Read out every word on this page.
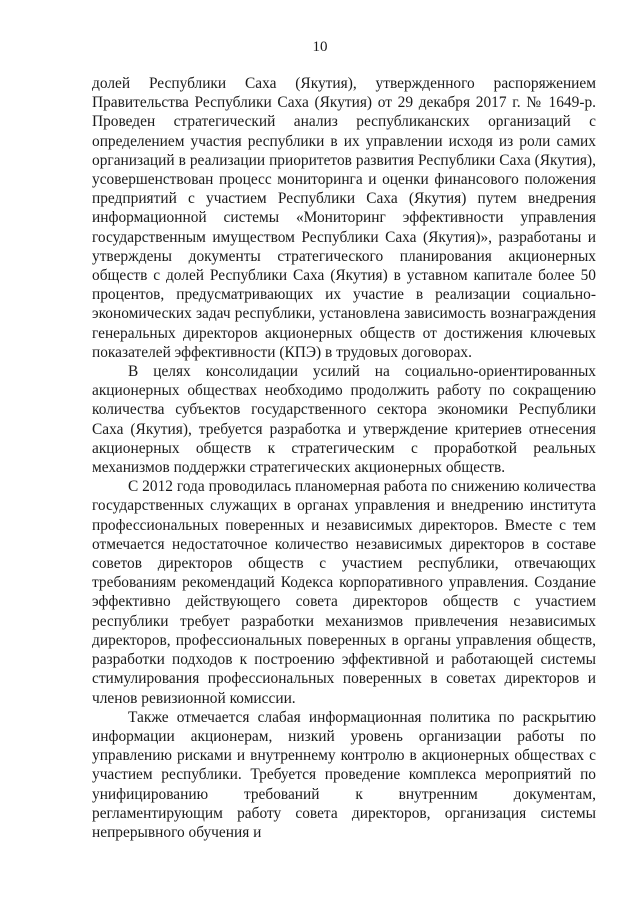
10

долей Республики Саха (Якутия), утвержденного распоряжением Правительства Республики Саха (Якутия) от 29 декабря 2017 г. № 1649-р. Проведен стратегический анализ республиканских организаций с определением участия республики в их управлении исходя из роли самих организаций в реализации приоритетов развития Республики Саха (Якутия), усовершенствован процесс мониторинга и оценки финансового положения предприятий с участием Республики Саха (Якутия) путем внедрения информационной системы «Мониторинг эффективности управления государственным имуществом Республики Саха (Якутия)», разработаны и утверждены документы стратегического планирования акционерных обществ с долей Республики Саха (Якутия) в уставном капитале более 50 процентов, предусматривающих их участие в реализации социально-экономических задач республики, установлена зависимость вознаграждения генеральных директоров акционерных обществ от достижения ключевых показателей эффективности (КПЭ) в трудовых договорах.

В целях консолидации усилий на социально-ориентированных акционерных обществах необходимо продолжить работу по сокращению количества субъектов государственного сектора экономики Республики Саха (Якутия), требуется разработка и утверждение критериев отнесения акционерных обществ к стратегическим с проработкой реальных механизмов поддержки стратегических акционерных обществ.

С 2012 года проводилась планомерная работа по снижению количества государственных служащих в органах управления и внедрению института профессиональных поверенных и независимых директоров. Вместе с тем отмечается недостаточное количество независимых директоров в составе советов директоров обществ с участием республики, отвечающих требованиям рекомендаций Кодекса корпоративного управления. Создание эффективно действующего совета директоров обществ с участием республики требует разработки механизмов привлечения независимых директоров, профессиональных поверенных в органы управления обществ, разработки подходов к построению эффективной и работающей системы стимулирования профессиональных поверенных в советах директоров и членов ревизионной комиссии.

Также отмечается слабая информационная политика по раскрытию информации акционерам, низкий уровень организации работы по управлению рисками и внутреннему контролю в акционерных обществах с участием республики. Требуется проведение комплекса мероприятий по унифицированию требований к внутренним документам, регламентирующим работу совета директоров, организация системы непрерывного обучения и
